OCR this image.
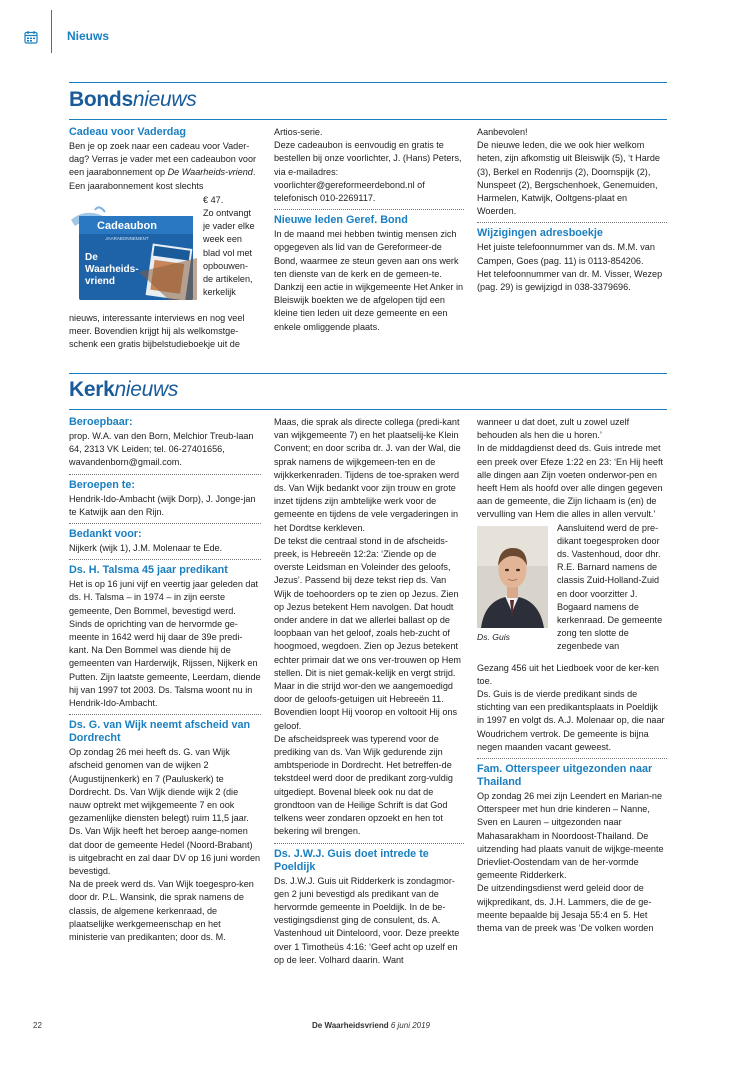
Nieuws
Bondsnieuws
Cadeau voor Vaderdag

Ben je op zoek naar een cadeau voor Vader-dag? Verras je vader met een cadeaubon voor een jaarabonnement op De Waarheids-vriend. Een jaarabonnement kost slechts

Cadeaubon
JAARABONNEMENT
De
Waarheids-
vriend

€ 47.

Zo ontvangt je vader elke week een blad vol met opbouwen-de artikelen, kerkelijk

nieuws, interessante interviews en nog veel meer. Bovendien krijgt hij als welkomstge-schenk een gratis bijbelstudieboekje uit de

Artios-serie.

Deze cadeaubon is eenvoudig en gratis te bestellen bij onze voorlichter, J. (Hans) Peters, via e-mailadres: voorlichter@gereformeerdebond.nl of telefonisch 010-2269117.

Nieuwe leden Geref. Bond

In de maand mei hebben twintig mensen zich opgegeven als lid van de Gereformeer-de Bond, waarmee ze steun geven aan ons werk ten dienste van de kerk en de gemeen-te. Dankzij een actie in wijkgemeente Het Anker in Bleiswijk boekten we de afgelopen tijd een kleine tien leden uit deze gemeente en een enkele omliggende plaats.

Aanbevolen!

De nieuwe leden, die we ook hier welkom heten, zijn afkomstig uit Bleiswijk (5), ‘t Harde (3), Berkel en Rodenrijs (2), Doornspijk (2), Nunspeet (2), Bergschenhoek, Genemuiden, Harmelen, Katwijk, Ooltgens-plaat en Woerden.

Wijzigingen adresboekje

Het juiste telefoonnummer van ds. M.M. van Campen, Goes (pag. 11) is 0113-854206.

Het telefoonnummer van dr. M. Visser, Wezep (pag. 29) is gewijzigd in 038-3379696.

Kerknieuws
Beroepbaar:

prop. W.A. van den Born, Melchior Treub-laan 64, 2313 VK Leiden; tel. 06-27401656, wavandenborn@gmail.com.

Beroepen te:

Hendrik-Ido-Ambacht (wijk Dorp), J. Jonge-jan te Katwijk aan den Rijn.

Bedankt voor:

Nijkerk (wijk 1), J.M. Molenaar te Ede.

Ds. H. Talsma 45 jaar predikant

Het is op 16 juni vijf en veertig jaar geleden dat ds. H. Talsma – in 1974 – in zijn eerste gemeente, Den Bommel, bevestigd werd. Sinds de oprichting van de hervormde ge-meente in 1642 werd hij daar de 39e predi-kant. Na Den Bommel was diende hij de gemeenten van Harderwijk, Rijssen, Nijkerk en Putten. Zijn laatste gemeente, Leerdam, diende hij van 1997 tot 2003. Ds. Talsma woont nu in Hendrik-Ido-Ambacht.

Ds. G. van Wijk neemt afscheid van Dordrecht

Op zondag 26 mei heeft ds. G. van Wijk afscheid genomen van de wijken 2 (Augustijnenkerk) en 7 (Pauluskerk) te Dordrecht. Ds. Van Wijk diende wijk 2 (die nauw optrekt met wijkgemeente 7 en ook gezamenlijke diensten belegt) ruim 11,5 jaar. Ds. Van Wijk heeft het beroep aange-nomen dat door de gemeente Hedel (Noord-Brabant) is uitgebracht en zal daar DV op 16 juni worden bevestigd.

Na de preek werd ds. Van Wijk toegespro-ken door dr. P.L. Wansink, die sprak namens de classis, de algemene kerkenraad, de plaatselijke werkgemeenschap en het ministerie van predikanten; door ds. M.

Maas, die sprak als directe collega (predi-kant van wijkgemeente 7) en het plaatselij-ke Klein Convent; en door scriba dr. J. van der Wal, die sprak namens de wijkgemeen-ten en de wijkkerkenraden. Tijdens de toe-spraken werd ds. Van Wijk bedankt voor zijn trouw en grote inzet tijdens zijn ambtelijke werk voor de gemeente en tijdens de vele vergaderingen in het Dordtse kerkleven.

De tekst die centraal stond in de afscheids-preek, is Hebreeën 12:2a: ‘Ziende op de overste Leidsman en Voleinder des geloofs, Jezus’. Passend bij deze tekst riep ds. Van Wijk de toehoorders op te zien op Jezus. Zien op Jezus betekent Hem navolgen. Dat houdt onder andere in dat we allerlei ballast op de loopbaan van het geloof, zoals heb-zucht of hoogmoed, wegdoen. Zien op Jezus betekent echter primair dat we ons ver-trouwen op Hem stellen. Dit is niet gemak-kelijk en vergt strijd. Maar in die strijd wor-den we aangemoedigd door de geloofs-getuigen uit Hebreeën 11. Bovendien loopt Hij voorop en voltooit Hij ons geloof.

De afscheidspreek was typerend voor de prediking van ds. Van Wijk gedurende zijn ambtsperiode in Dordrecht. Het betreffen-de tekstdeel werd door de predikant zorg-vuldig uitgediept. Bovenal bleek ook nu dat de grondtoon van de Heilige Schrift is dat God telkens weer zondaren opzoekt en hen tot bekering wil brengen.

Ds. J.W.J. Guis doet intrede te Poeldijk

Ds. J.W.J. Guis uit Ridderkerk is zondagmor-gen 2 juni bevestigd als predikant van de hervormde gemeente in Poeldijk. In de be-vestigingsdienst ging de consulent, ds. A. Vastenhoud uit Dinteloord, voor. Deze preekte over 1 Timotheüs 4:16: ‘Geef acht op uzelf en op de leer. Volhard daarin. Want

wanneer u dat doet, zult u zowel uzelf behouden als hen die u horen.’

In de middagdienst deed ds. Guis intrede met een preek over Efeze 1:22 en 23: ‘En Hij heeft alle dingen aan Zijn voeten onderwor-pen en heeft Hem als hoofd over alle dingen gegeven aan de gemeente, die Zijn lichaam is (en) de vervulling van Hem die alles in allen vervult.’

Ds. Guis

Aansluitend werd de pre-dikant toegesproken door ds. Vastenhoud, door dhr. R.E. Barnard namens de classis Zuid-Holland-Zuid en door voorzitter J. Bogaard namens de kerkenraad. De gemeente zong ten slotte de zegenbede van

Gezang 456 uit het Liedboek voor de ker-ken toe.

Ds. Guis is de vierde predikant sinds de stichting van een predikantsplaats in Poeldijk in 1997 en volgt ds. A.J. Molenaar op, die naar Woudrichem vertrok. De gemeente is bijna negen maanden vacant geweest.

Fam. Otterspeer uitgezonden naar Thailand

Op zondag 26 mei zijn Leendert en Marian-ne Otterspeer met hun drie kinderen – Nanne, Sven en Lauren – uitgezonden naar Mahasarakham in Noordoost-Thailand. De uitzending had plaats vanuit de wijkge-meente Drievliet-Oostendam van de her-vormde gemeente Ridderkerk.

De uitzendingsdienst werd geleid door de wijkpredikant, ds. J.H. Lammers, die de ge-meente bepaalde bij Jesaja 55:4 en 5. Het thema van de preek was ‘De volken worden

22	De Waarheidsvriend 6 juni 2019
